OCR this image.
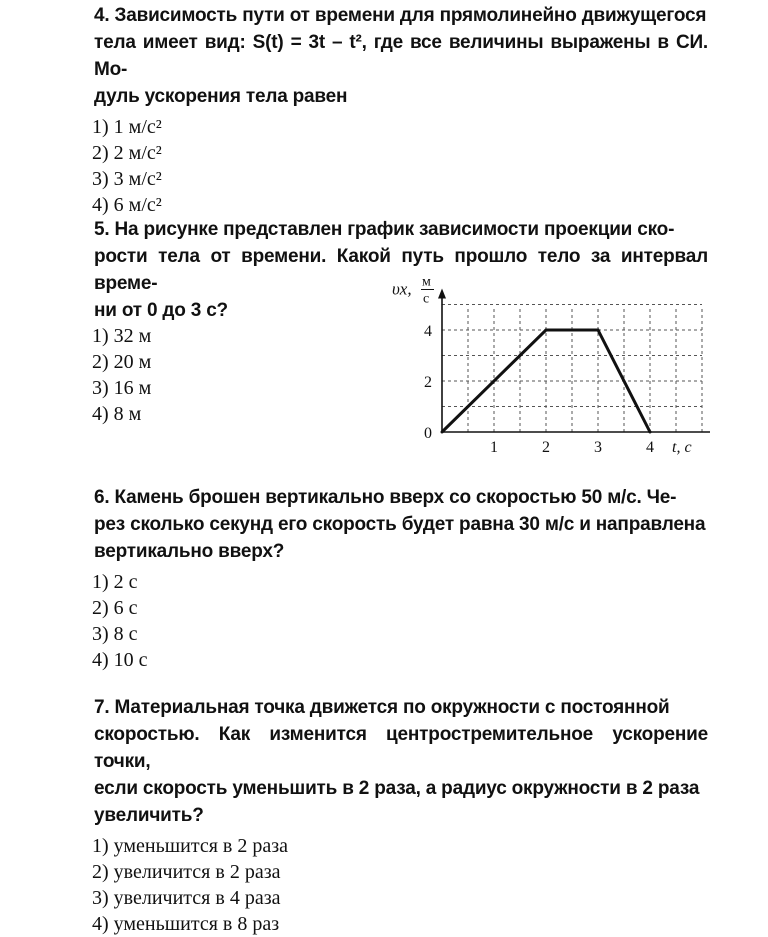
4. Зависимость пути от времени для прямолинейно движущегося
тела имеет вид: S(t) = 3t – t², где все величины выражены в СИ. Мо-
дуль ускорения тела равен

1) 1 м/с²
2) 2 м/с²
3) 3 м/с²
4) 6 м/с²

5. На рисунке представлен график зависимости проекции ско-
рости тела от времени. Какой путь прошло тело за интервал време-
ни от 0 до 3 с?

1) 32 м
2) 20 м
3) 16 м
4) 8 м
1	2	3	4
0
2
4
t, с
υx, м
с

6. Камень брошен вертикально вверх со скоростью 50 м/с. Че-
рез сколько секунд его скорость будет равна 30 м/с и направлена
вертикально вверх?

1) 2 с
2) 6 с
3) 8 с
4) 10 с

7. Материальная точка движется по окружности с постоянной
скоростью. Как изменится центростремительное ускорение точки,
если скорость уменьшить в 2 раза, а радиус окружности в 2 раза
увеличить?

1) уменьшится в 2 раза
2) увеличится в 2 раза
3) увеличится в 4 раза
4) уменьшится в 8 раз
